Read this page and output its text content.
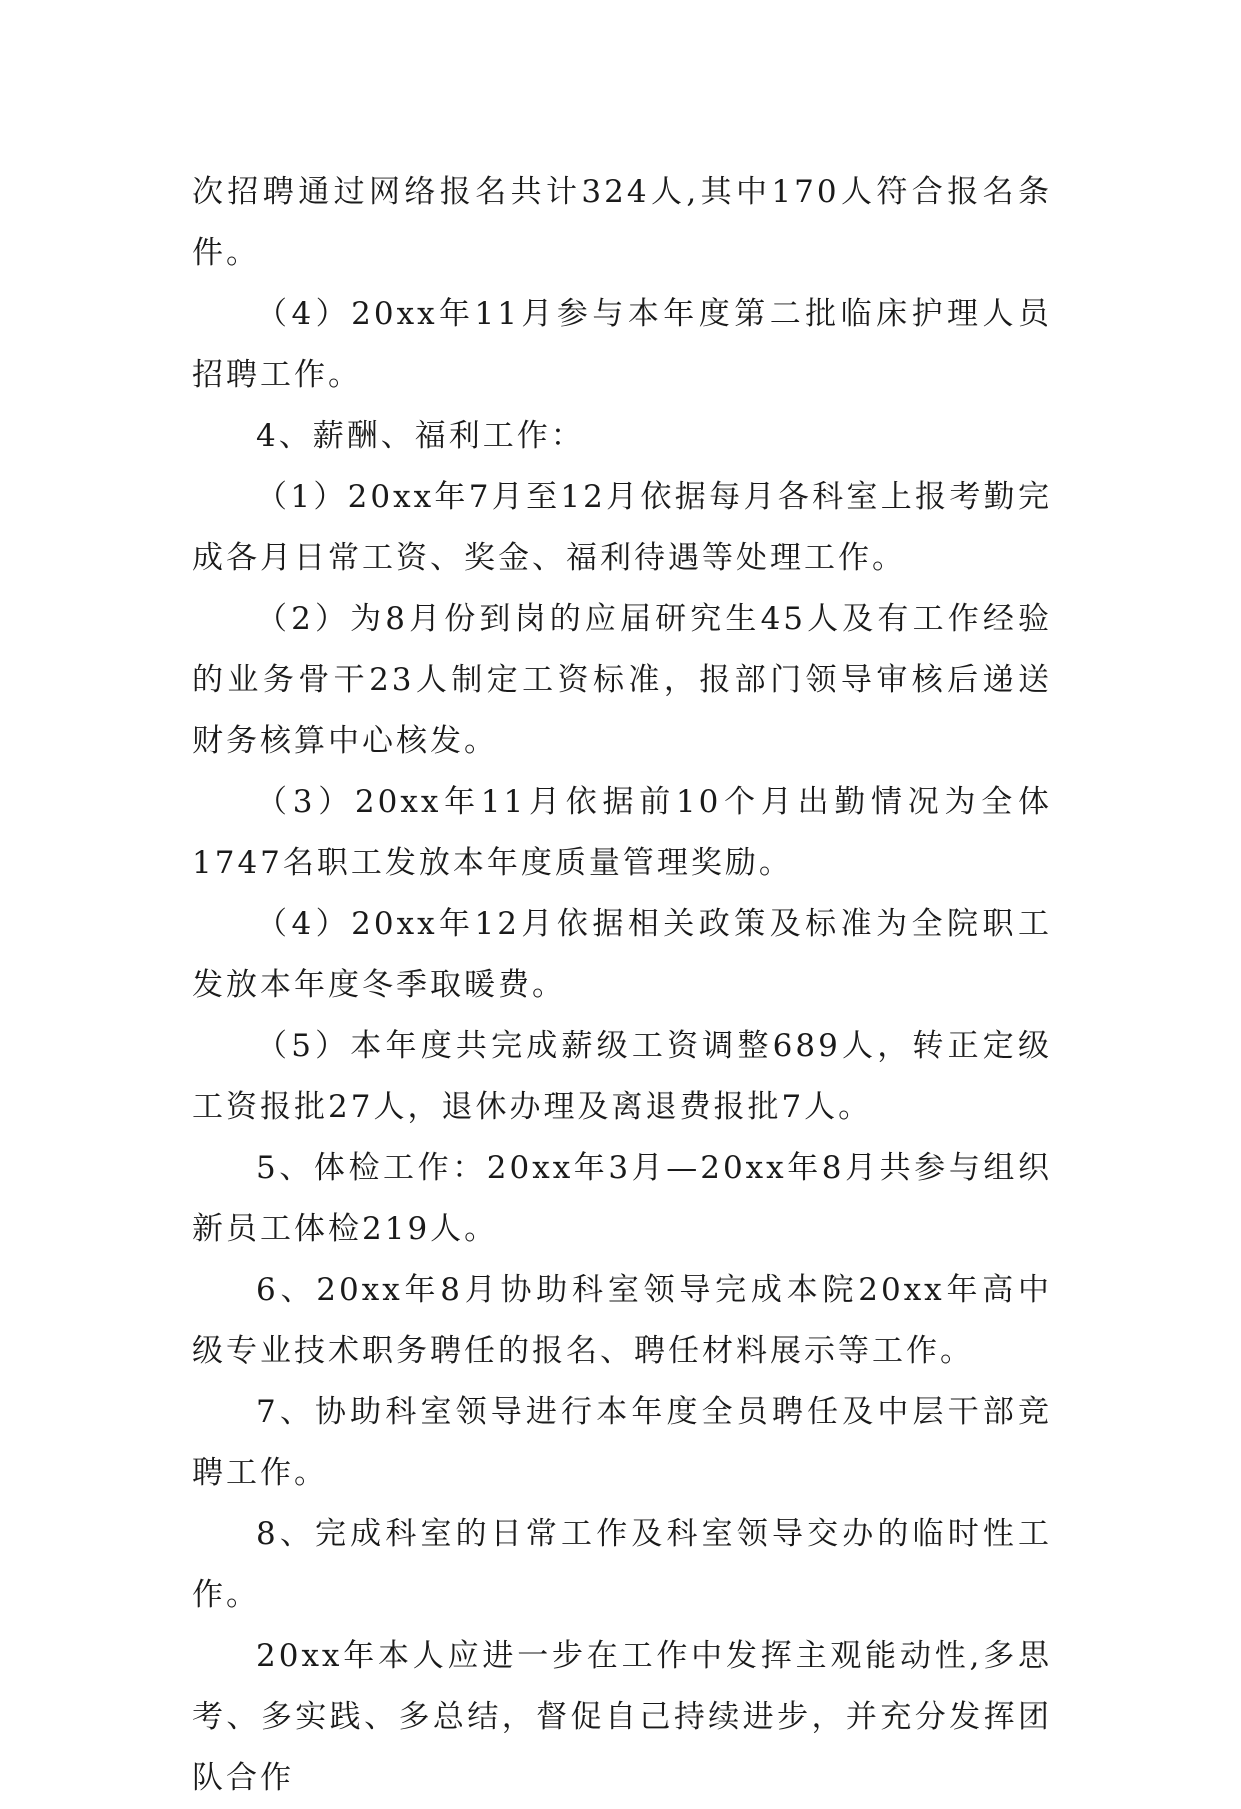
次招聘通过网络报名共计324人,其中170人符合报名条件。

（4）20xx年11月参与本年度第二批临床护理人员招聘工作。

4、薪酬、福利工作：

（1）20xx年7月至12月依据每月各科室上报考勤完成各月日常工资、奖金、福利待遇等处理工作。

（2）为8月份到岗的应届研究生45人及有工作经验的业务骨干23人制定工资标准，报部门领导审核后递送财务核算中心核发。

（3）20xx年11月依据前10个月出勤情况为全体1747名职工发放本年度质量管理奖励。

（4）20xx年12月依据相关政策及标准为全院职工发放本年度冬季取暖费。

（5）本年度共完成薪级工资调整689人，转正定级工资报批27人，退休办理及离退费报批7人。

5、体检工作：20xx年3月—20xx年8月共参与组织新员工体检219人。

6、20xx年8月协助科室领导完成本院20xx年高中级专业技术职务聘任的报名、聘任材料展示等工作。

7、协助科室领导进行本年度全员聘任及中层干部竞聘工作。

8、完成科室的日常工作及科室领导交办的临时性工作。

20xx年本人应进一步在工作中发挥主观能动性,多思考、多实践、多总结，督促自己持续进步，并充分发挥团队合作
